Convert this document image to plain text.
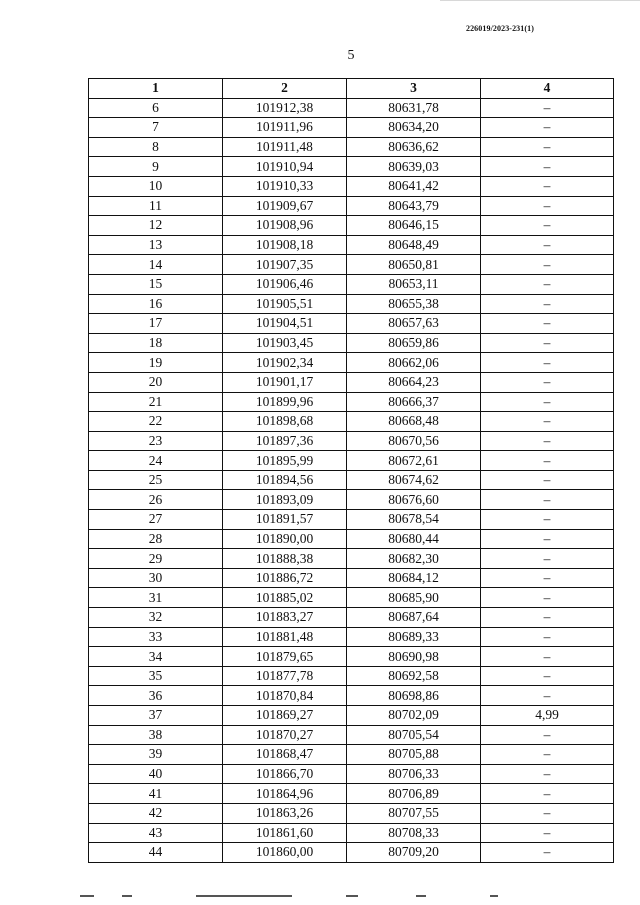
226019/2023-231(1)
5
1	2	3	4
6	101912,38	80631,78	–
7	101911,96	80634,20	–
8	101911,48	80636,62	–
9	101910,94	80639,03	–
10	101910,33	80641,42	–
11	101909,67	80643,79	–
12	101908,96	80646,15	–
13	101908,18	80648,49	–
14	101907,35	80650,81	–
15	101906,46	80653,11	–
16	101905,51	80655,38	–
17	101904,51	80657,63	–
18	101903,45	80659,86	–
19	101902,34	80662,06	–
20	101901,17	80664,23	–
21	101899,96	80666,37	–
22	101898,68	80668,48	–
23	101897,36	80670,56	–
24	101895,99	80672,61	–
25	101894,56	80674,62	–
26	101893,09	80676,60	–
27	101891,57	80678,54	–
28	101890,00	80680,44	–
29	101888,38	80682,30	–
30	101886,72	80684,12	–
31	101885,02	80685,90	–
32	101883,27	80687,64	–
33	101881,48	80689,33	–
34	101879,65	80690,98	–
35	101877,78	80692,58	–
36	101870,84	80698,86	–
37	101869,27	80702,09	4,99
38	101870,27	80705,54	–
39	101868,47	80705,88	–
40	101866,70	80706,33	–
41	101864,96	80706,89	–
42	101863,26	80707,55	–
43	101861,60	80708,33	–
44	101860,00	80709,20	–
